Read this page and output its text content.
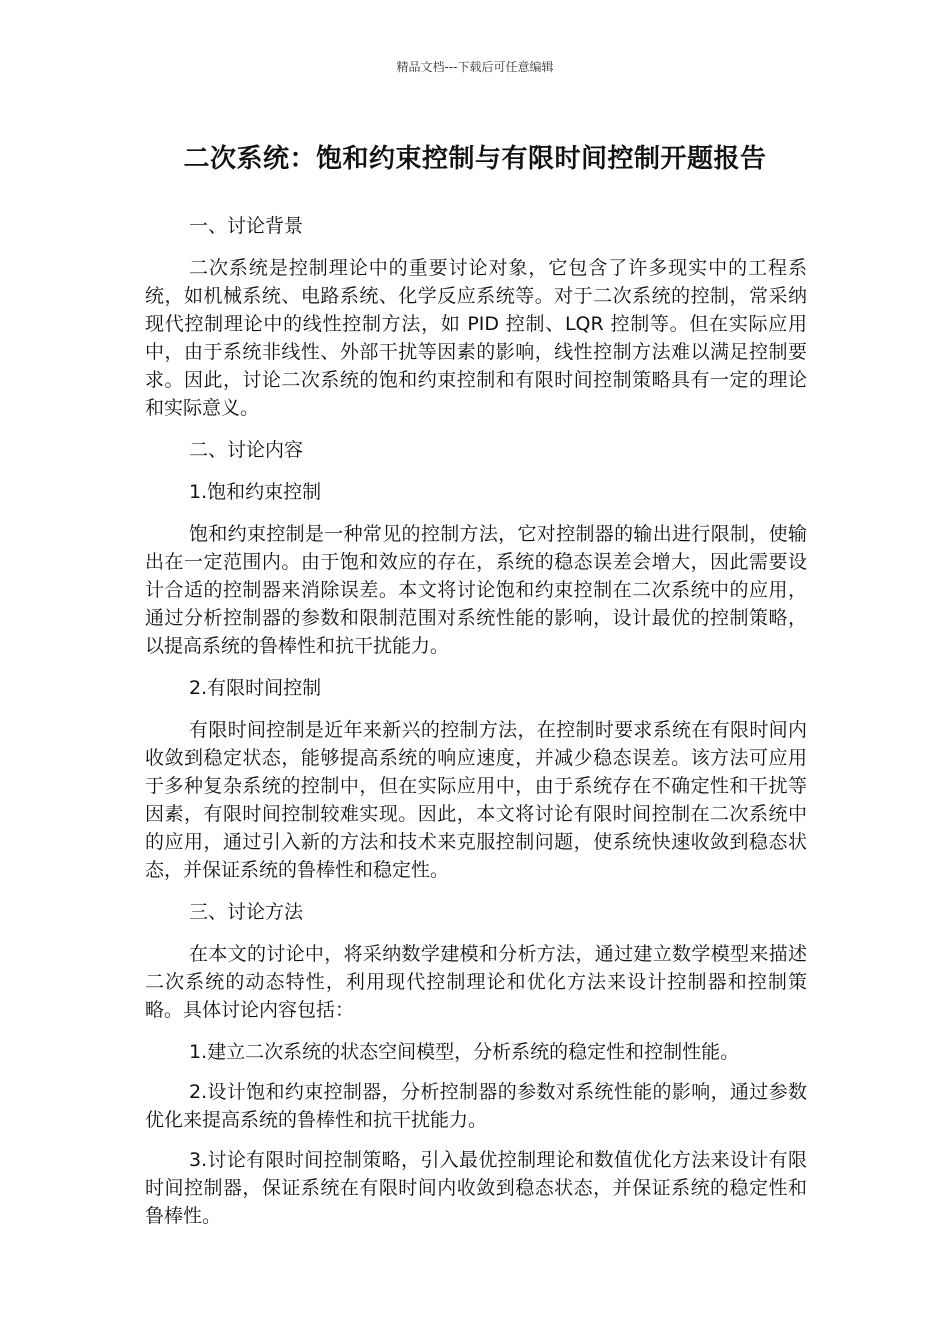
精品文档---下载后可任意编辑
二次系统：饱和约束控制与有限时间控制开题报告

一、讨论背景

二次系统是控制理论中的重要讨论对象，它包含了许多现实中的工程系统，如机械系统、电路系统、化学反应系统等。对于二次系统的控制，常采纳现代控制理论中的线性控制方法，如 PID 控制、LQR 控制等。但在实际应用中，由于系统非线性、外部干扰等因素的影响，线性控制方法难以满足控制要求。因此，讨论二次系统的饱和约束控制和有限时间控制策略具有一定的理论和实际意义。

二、讨论内容

1.饱和约束控制

饱和约束控制是一种常见的控制方法，它对控制器的输出进行限制，使输出在一定范围内。由于饱和效应的存在，系统的稳态误差会增大，因此需要设计合适的控制器来消除误差。本文将讨论饱和约束控制在二次系统中的应用，通过分析控制器的参数和限制范围对系统性能的影响，设计最优的控制策略，以提高系统的鲁棒性和抗干扰能力。

2.有限时间控制

有限时间控制是近年来新兴的控制方法，在控制时要求系统在有限时间内收敛到稳定状态，能够提高系统的响应速度，并减少稳态误差。该方法可应用于多种复杂系统的控制中，但在实际应用中，由于系统存在不确定性和干扰等因素，有限时间控制较难实现。因此，本文将讨论有限时间控制在二次系统中的应用，通过引入新的方法和技术来克服控制问题，使系统快速收敛到稳态状态，并保证系统的鲁棒性和稳定性。

三、讨论方法

在本文的讨论中，将采纳数学建模和分析方法，通过建立数学模型来描述二次系统的动态特性，利用现代控制理论和优化方法来设计控制器和控制策略。具体讨论内容包括：

1.建立二次系统的状态空间模型，分析系统的稳定性和控制性能。

2.设计饱和约束控制器，分析控制器的参数对系统性能的影响，通过参数优化来提高系统的鲁棒性和抗干扰能力。

3.讨论有限时间控制策略，引入最优控制理论和数值优化方法来设计有限时间控制器，保证系统在有限时间内收敛到稳态状态，并保证系统的稳定性和鲁棒性。
